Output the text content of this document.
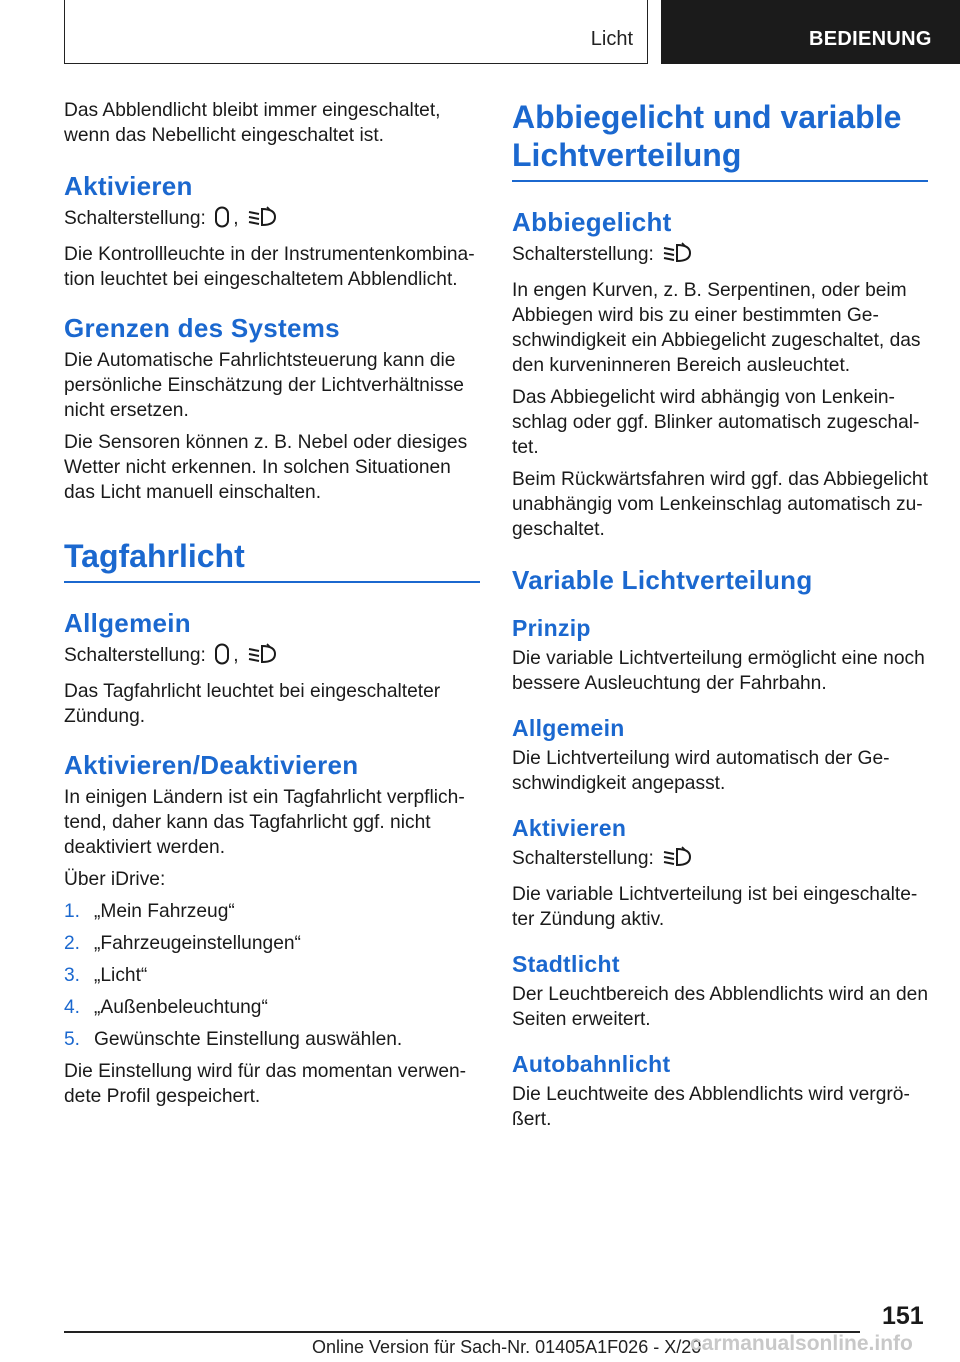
Licht	BEDIENUNG

Das Abblendlicht bleibt immer eingeschaltet, wenn das Nebellicht eingeschaltet ist.

Aktivieren

Schalterstellung: ,

Die Kontrollleuchte in der Instrumentenkombination leuchtet bei eingeschaltetem Abblendlicht.

Grenzen des Systems

Die Automatische Fahrlichtsteuerung kann die persönliche Einschätzung der Lichtverhältnisse nicht ersetzen.

Die Sensoren können z. B. Nebel oder diesiges Wetter nicht erkennen. In solchen Situationen das Licht manuell einschalten.

Tagfahrlicht
Allgemein

Schalterstellung: ,

Das Tagfahrlicht leuchtet bei eingeschalteter Zündung.

Aktivieren/Deaktivieren

In einigen Ländern ist ein Tagfahrlicht verpflichtend, daher kann das Tagfahrlicht ggf. nicht deaktiviert werden.

Über iDrive:

1. „Mein Fahrzeug“
2. „Fahrzeugeinstellungen“
3. „Licht“
4. „Außenbeleuchtung“
5. Gewünschte Einstellung auswählen.

Die Einstellung wird für das momentan verwendete Profil gespeichert.

Abbiegelicht und variable Lichtverteilung
Abbiegelicht

Schalterstellung:

In engen Kurven, z. B. Serpentinen, oder beim Abbiegen wird bis zu einer bestimmten Geschwindigkeit ein Abbiegelicht zugeschaltet, das den kurveninneren Bereich ausleuchtet.

Das Abbiegelicht wird abhängig von Lenkeinschlag oder ggf. Blinker automatisch zugeschaltet.

Beim Rückwärtsfahren wird ggf. das Abbiegelicht unabhängig vom Lenkeinschlag automatisch zugeschaltet.

Variable Lichtverteilung
Prinzip

Die variable Lichtverteilung ermöglicht eine noch bessere Ausleuchtung der Fahrbahn.

Allgemein

Die Lichtverteilung wird automatisch der Geschwindigkeit angepasst.

Aktivieren

Schalterstellung:

Die variable Lichtverteilung ist bei eingeschalteter Zündung aktiv.

Stadtlicht

Der Leuchtbereich des Abblendlichts wird an den Seiten erweitert.

Autobahnlicht

Die Leuchtweite des Abblendlichts wird vergrößert.

151
Online Version für Sach-Nr. 01405A1F026 - X/20
carmanualsonline.info
